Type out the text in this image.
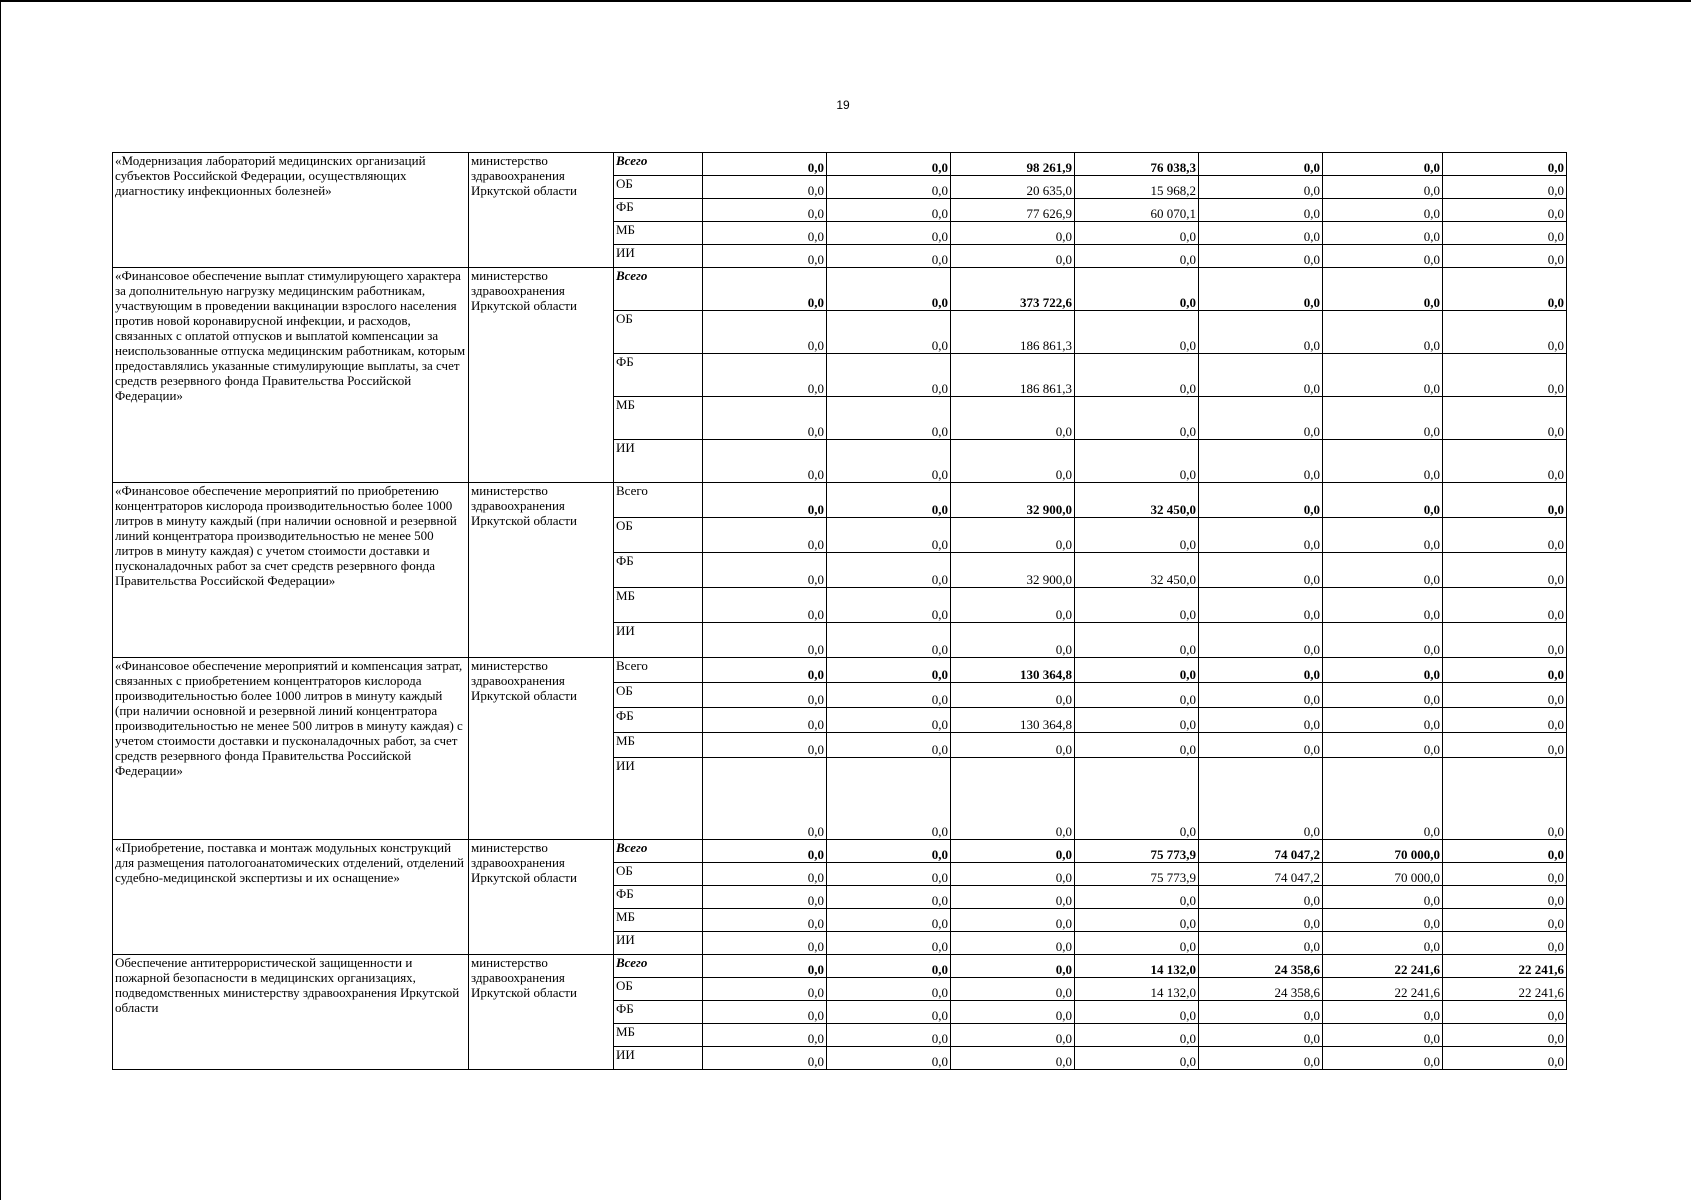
19
«Модернизация лабораторий медицинских организаций субъектов Российской Федерации, осуществляющих диагностику инфекционных болезней»	министерство здравоохранения Иркутской области	Всего	0,0	0,0	98 261,9	76 038,3	0,0	0,0	0,0
		ОБ	0,0	0,0	20 635,0	15 968,2	0,0	0,0	0,0
		ФБ	0,0	0,0	77 626,9	60 070,1	0,0	0,0	0,0
		МБ	0,0	0,0	0,0	0,0	0,0	0,0	0,0
		ИИ	0,0	0,0	0,0	0,0	0,0	0,0	0,0
«Финансовое обеспечение выплат стимулирующего характера за дополнительную нагрузку медицинским работникам, участвующим в проведении вакцинации взрослого населения против новой коронавирусной инфекции, и расходов, связанных с оплатой отпусков и выплатой компенсации за неиспользованные отпуска медицинским работникам, которым предоставлялись указанные стимулирующие выплаты, за счет средств резервного фонда Правительства Российской Федерации»	министерство здравоохранения Иркутской области	Всего	0,0	0,0	373 722,6	0,0	0,0	0,0	0,0
		ОБ	0,0	0,0	186 861,3	0,0	0,0	0,0	0,0
		ФБ	0,0	0,0	186 861,3	0,0	0,0	0,0	0,0
		МБ	0,0	0,0	0,0	0,0	0,0	0,0	0,0
		ИИ	0,0	0,0	0,0	0,0	0,0	0,0	0,0
«Финансовое обеспечение мероприятий по приобретению концентраторов кислорода производительностью более 1000 литров в минуту каждый (при наличии основной и резервной линий концентратора производительностью не менее 500 литров в минуту каждая) с учетом стоимости доставки и пусконаладочных работ за счет средств резервного фонда Правительства Российской Федерации»	министерство здравоохранения Иркутской области	Всего	0,0	0,0	32 900,0	32 450,0	0,0	0,0	0,0
		ОБ	0,0	0,0	0,0	0,0	0,0	0,0	0,0
		ФБ	0,0	0,0	32 900,0	32 450,0	0,0	0,0	0,0
		МБ	0,0	0,0	0,0	0,0	0,0	0,0	0,0
		ИИ	0,0	0,0	0,0	0,0	0,0	0,0	0,0
«Финансовое обеспечение мероприятий и компенсация затрат, связанных с приобретением концентраторов кислорода производительностью более 1000 литров в минуту каждый (при наличии основной и резервной линий концентратора производительностью не менее 500 литров в минуту каждая) с учетом стоимости доставки и пусконаладочных работ, за счет средств резервного фонда Правительства Российской Федерации»	министерство здравоохранения Иркутской области	Всего	0,0	0,0	130 364,8	0,0	0,0	0,0	0,0
		ОБ	0,0	0,0	0,0	0,0	0,0	0,0	0,0
		ФБ	0,0	0,0	130 364,8	0,0	0,0	0,0	0,0
		МБ	0,0	0,0	0,0	0,0	0,0	0,0	0,0
		ИИ	0,0	0,0	0,0	0,0	0,0	0,0	0,0
«Приобретение, поставка и монтаж модульных конструкций для размещения патологоанатомических отделений, отделений судебно-медицинской экспертизы и их оснащение»	министерство здравоохранения Иркутской области	Всего	0,0	0,0	0,0	75 773,9	74 047,2	70 000,0	0,0
		ОБ	0,0	0,0	0,0	75 773,9	74 047,2	70 000,0	0,0
		ФБ	0,0	0,0	0,0	0,0	0,0	0,0	0,0
		МБ	0,0	0,0	0,0	0,0	0,0	0,0	0,0
		ИИ	0,0	0,0	0,0	0,0	0,0	0,0	0,0
Обеспечение антитеррористической защищенности и пожарной безопасности в медицинских организациях, подведомственных министерству здравоохранения Иркутской области	министерство здравоохранения Иркутской области	Всего	0,0	0,0	0,0	14 132,0	24 358,6	22 241,6	22 241,6
		ОБ	0,0	0,0	0,0	14 132,0	24 358,6	22 241,6	22 241,6
		ФБ	0,0	0,0	0,0	0,0	0,0	0,0	0,0
		МБ	0,0	0,0	0,0	0,0	0,0	0,0	0,0
		ИИ	0,0	0,0	0,0	0,0	0,0	0,0	0,0
